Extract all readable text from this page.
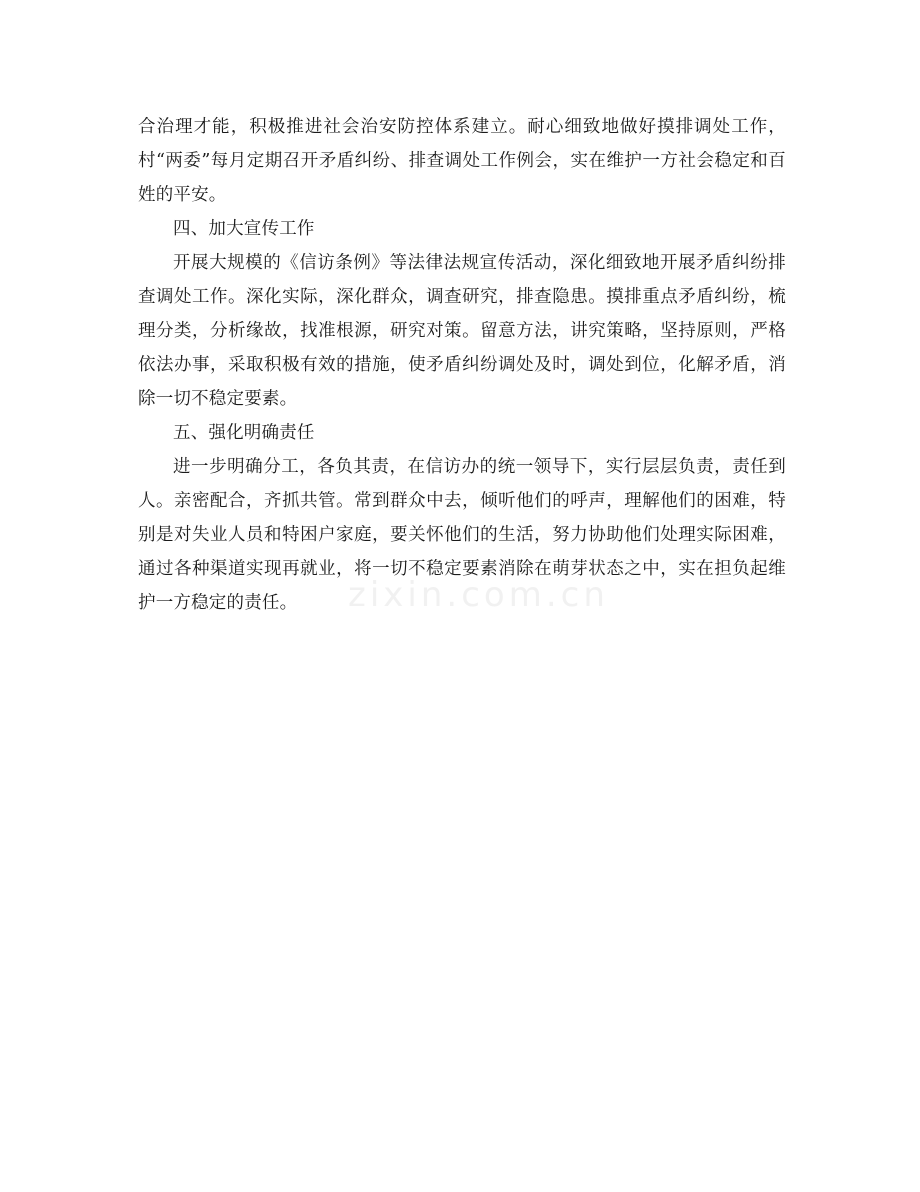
合治理才能，积极推进社会治安防控体系建立。耐心细致地做好摸排调处工作，村“两委”每月定期召开矛盾纠纷、排查调处工作例会，实在维护一方社会稳定和百姓的平安。

四、加大宣传工作

开展大规模的《信访条例》等法律法规宣传活动，深化细致地开展矛盾纠纷排查调处工作。深化实际，深化群众，调查研究，排查隐患。摸排重点矛盾纠纷，梳理分类，分析缘故，找准根源，研究对策。留意方法，讲究策略，坚持原则，严格依法办事，采取积极有效的措施，使矛盾纠纷调处及时，调处到位，化解矛盾，消除一切不稳定要素。

五、强化明确责任

进一步明确分工，各负其责，在信访办的统一领导下，实行层层负责，责任到人。亲密配合，齐抓共管。常到群众中去，倾听他们的呼声，理解他们的困难，特别是对失业人员和特困户家庭，要关怀他们的生活，努力协助他们处理实际困难，通过各种渠道实现再就业，将一切不稳定要素消除在萌芽状态之中，实在担负起维护一方稳定的责任。	zixin.com.cn
